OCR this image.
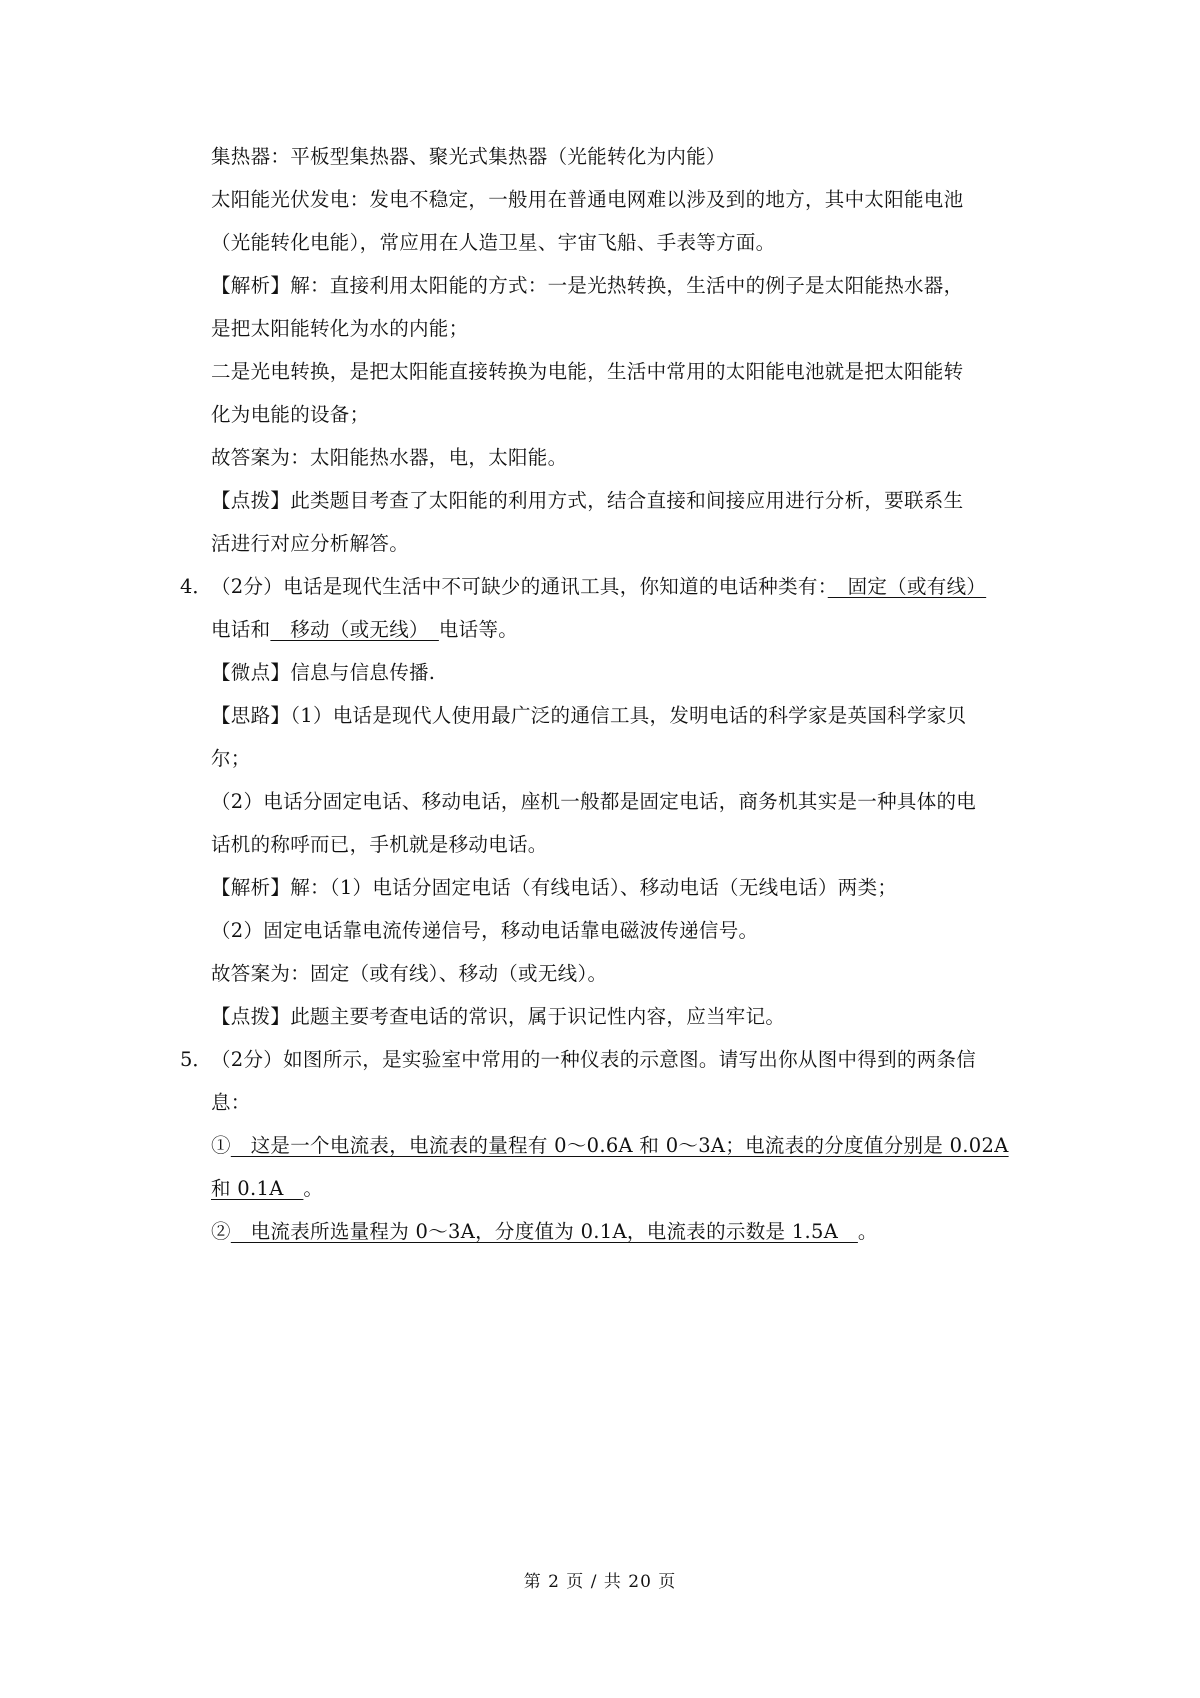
集热器：平板型集热器、聚光式集热器（光能转化为内能）
太阳能光伏发电：发电不稳定，一般用在普通电网难以涉及到的地方，其中太阳能电池
（光能转化电能），常应用在人造卫星、宇宙飞船、手表等方面。
【解析】解：直接利用太阳能的方式：一是光热转换，生活中的例子是太阳能热水器，
是把太阳能转化为水的内能；
二是光电转换，是把太阳能直接转换为电能，生活中常用的太阳能电池就是把太阳能转
化为电能的设备；
故答案为：太阳能热水器，电，太阳能。
【点拨】此类题目考查了太阳能的利用方式，结合直接和间接应用进行分析，要联系生
活进行对应分析解答。
4． （2分）电话是现代生活中不可缺少的通讯工具，你知道的电话种类有：　固定（或有线）
电话和　移动（或无线）　电话等。
【微点】信息与信息传播.
【思路】（1）电话是现代人使用最广泛的通信工具，发明电话的科学家是英国科学家贝
尔；
（2）电话分固定电话、移动电话，座机一般都是固定电话，商务机其实是一种具体的电
话机的称呼而已，手机就是移动电话。
【解析】解：（1）电话分固定电话（有线电话）、移动电话（无线电话）两类；
（2）固定电话靠电流传递信号，移动电话靠电磁波传递信号。
故答案为：固定（或有线）、移动（或无线）。
【点拨】此题主要考查电话的常识，属于识记性内容，应当牢记。
5． （2分）如图所示，是实验室中常用的一种仪表的示意图。请写出你从图中得到的两条信
息：
①　这是一个电流表，电流表的量程有 0～0.6A 和 0～3A；电流表的分度值分别是 0.02A
和 0.1A　。
②　电流表所选量程为 0～3A，分度值为 0.1A，电流表的示数是 1.5A　。
第 2 页 / 共 20 页
